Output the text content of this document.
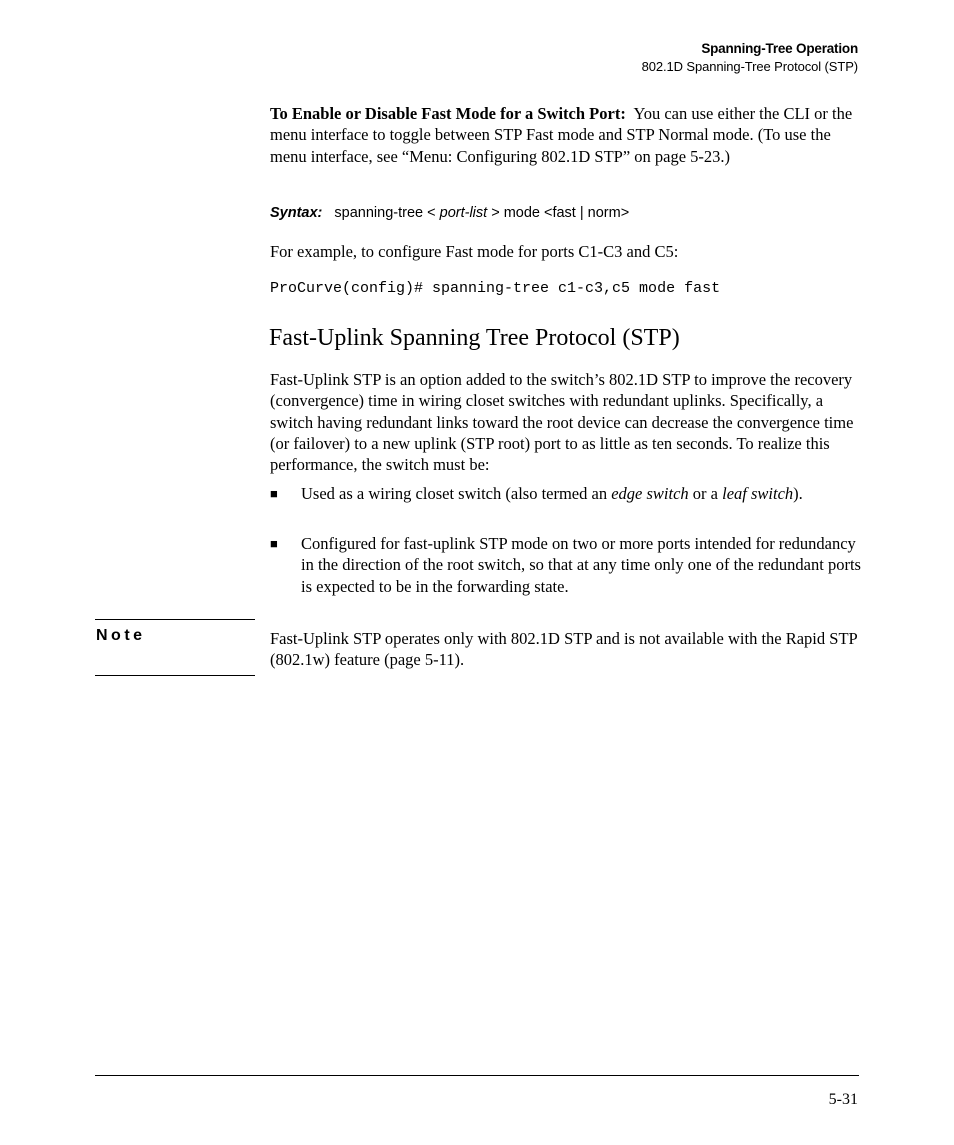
Spanning-Tree Operation
802.1D Spanning-Tree Protocol (STP)
To Enable or Disable Fast Mode for a Switch Port: You can use either the CLI or the menu interface to toggle between STP Fast mode and STP Normal mode. (To use the menu interface, see “Menu: Configuring 802.1D STP” on page 5-23.)
Syntax: spanning-tree < port-list > mode <fast | norm>
For example, to configure Fast mode for ports C1-C3 and C5:
ProCurve(config)# spanning-tree c1-c3,c5 mode fast
Fast-Uplink Spanning Tree Protocol (STP)
Fast-Uplink STP is an option added to the switch’s 802.1D STP to improve the recovery (convergence) time in wiring closet switches with redundant uplinks. Specifically, a switch having redundant links toward the root device can decrease the convergence time (or failover) to a new uplink (STP root) port to as little as ten seconds. To realize this performance, the switch must be:
■ Used as a wiring closet switch (also termed an edge switch or a leaf switch).
■ Configured for fast-uplink STP mode on two or more ports intended for redundancy in the direction of the root switch, so that at any time only one of the redundant ports is expected to be in the forwarding state.
Note	Fast-Uplink STP operates only with 802.1D STP and is not available with the Rapid STP (802.1w) feature (page 5-11).
5-31
